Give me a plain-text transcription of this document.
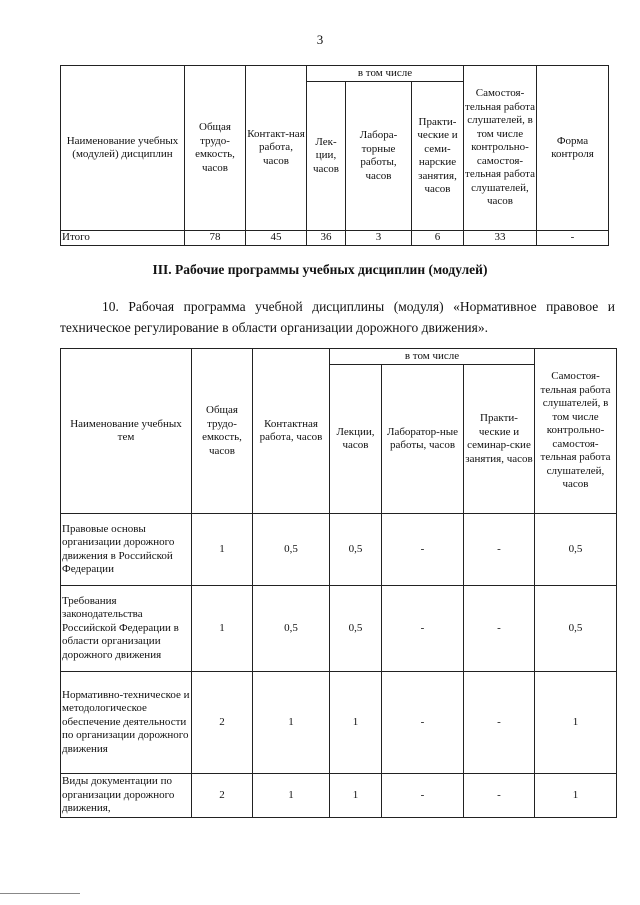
3
Наименование учебных (модулей) дисциплин	Общая трудо-емкость, часов	Контакт-ная работа, часов	в том числе			Самостоя-тельная работа слушателей, в том числе контрольно-самостоя-тельная работа слушателей, часов	Форма контроля
			Лек-ции, часов	Лабора-торные работы, часов	Практи-ческие и семи-нарские занятия, часов		
Итого	78	45	36	3	6	33	-
III. Рабочие программы учебных дисциплин (модулей)
10. Рабочая программа учебной дисциплины (модуля) «Нормативное правовое и техническое регулирование в области организации дорожного движения».
Наименование учебных тем	Общая трудо-емкость, часов	Контактная работа, часов	в том числе			Самостоя-тельная работа слушателей, в том числе контрольно-самостоя-тельная работа слушателей, часов
			Лекции, часов	Лаборатор-ные работы, часов	Практи-ческие и семинар-ские занятия, часов	
Правовые основы организации дорожного движения в Российской Федерации	1	0,5	0,5	-	-	0,5
Требования законодательства Российской Федерации в области организации дорожного движения	1	0,5	0,5	-	-	0,5
Нормативно-техническое и методологическое обеспечение деятельности по организации дорожного движения	2	1	1	-	-	1
Виды документации по организации дорожного движения,	2	1	1	-	-	1
